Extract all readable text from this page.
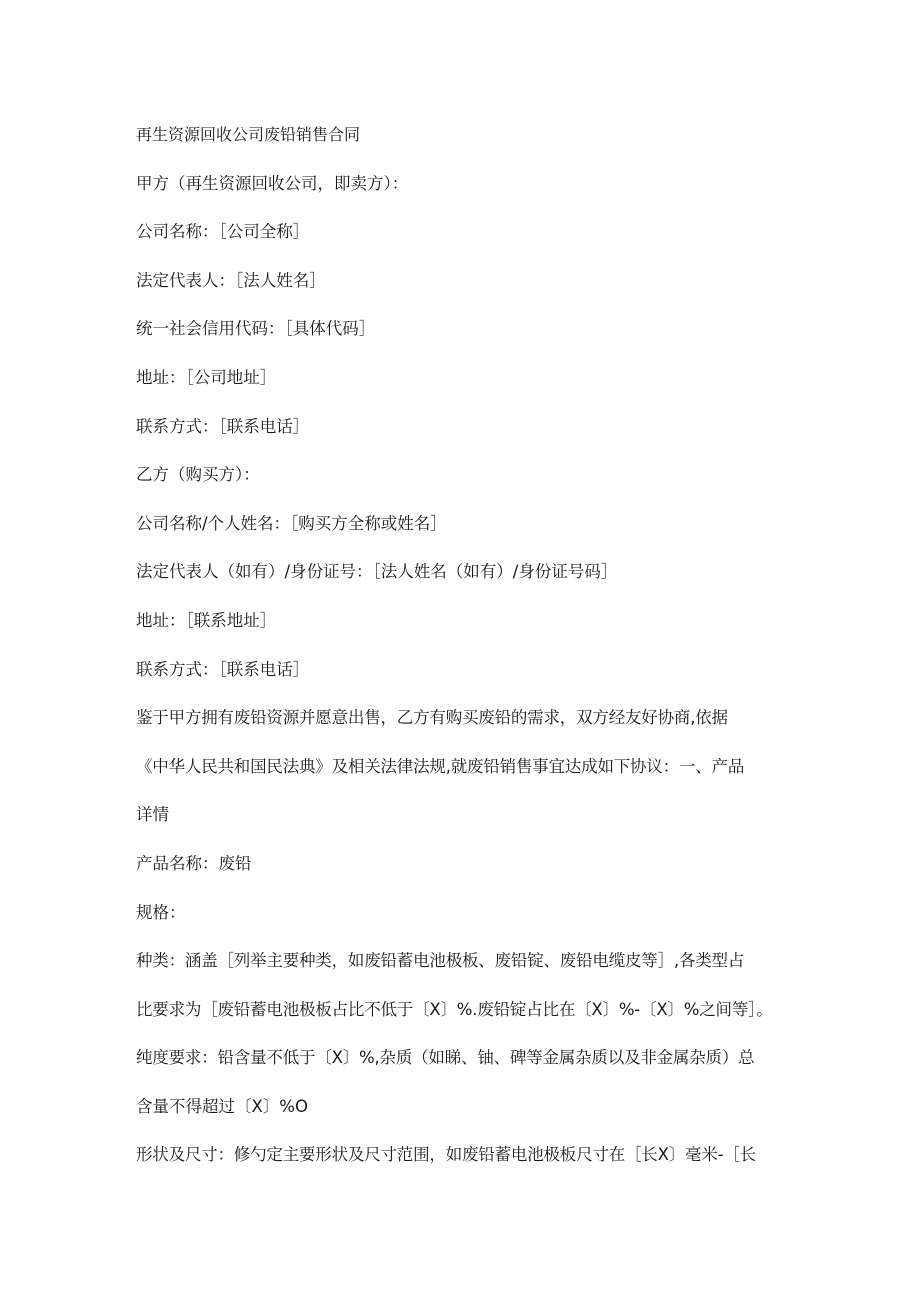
再生资源回收公司废铅销售合同
甲方（再生资源回收公司，即卖方）：
公司名称：［公司全称］
法定代表人：［法人姓名］
统一社会信用代码：［具体代码］
地址：［公司地址］
联系方式：［联系电话］
乙方（购买方）：
公司名称/个人姓名：［购买方全称或姓名］
法定代表人（如有）/身份证号：［法人姓名（如有）/身份证号码］
地址：［联系地址］
联系方式：［联系电话］
鉴于甲方拥有废铅资源并愿意出售，乙方有购买废铅的需求，双方经友好协商,依据
《中华人民共和国民法典》及相关法律法规,就废铅销售事宜达成如下协议：一、产品
详情
产品名称：废铅
规格：
种类：涵盖［列举主要种类，如废铅蓄电池极板、废铅锭、废铅电缆皮等］,各类型占
比要求为［废铅蓄电池极板占比不低于〔X〕%.废铅锭占比在〔X〕%-〔X〕%之间等］。
纯度要求：铅含量不低于〔X〕%,杂质（如睇、铀、碑等金属杂质以及非金属杂质）总
含量不得超过〔X〕%O
形状及尺寸：修勺定主要形状及尺寸范围，如废铅蓄电池极板尺寸在［长X〕毫米-［长
